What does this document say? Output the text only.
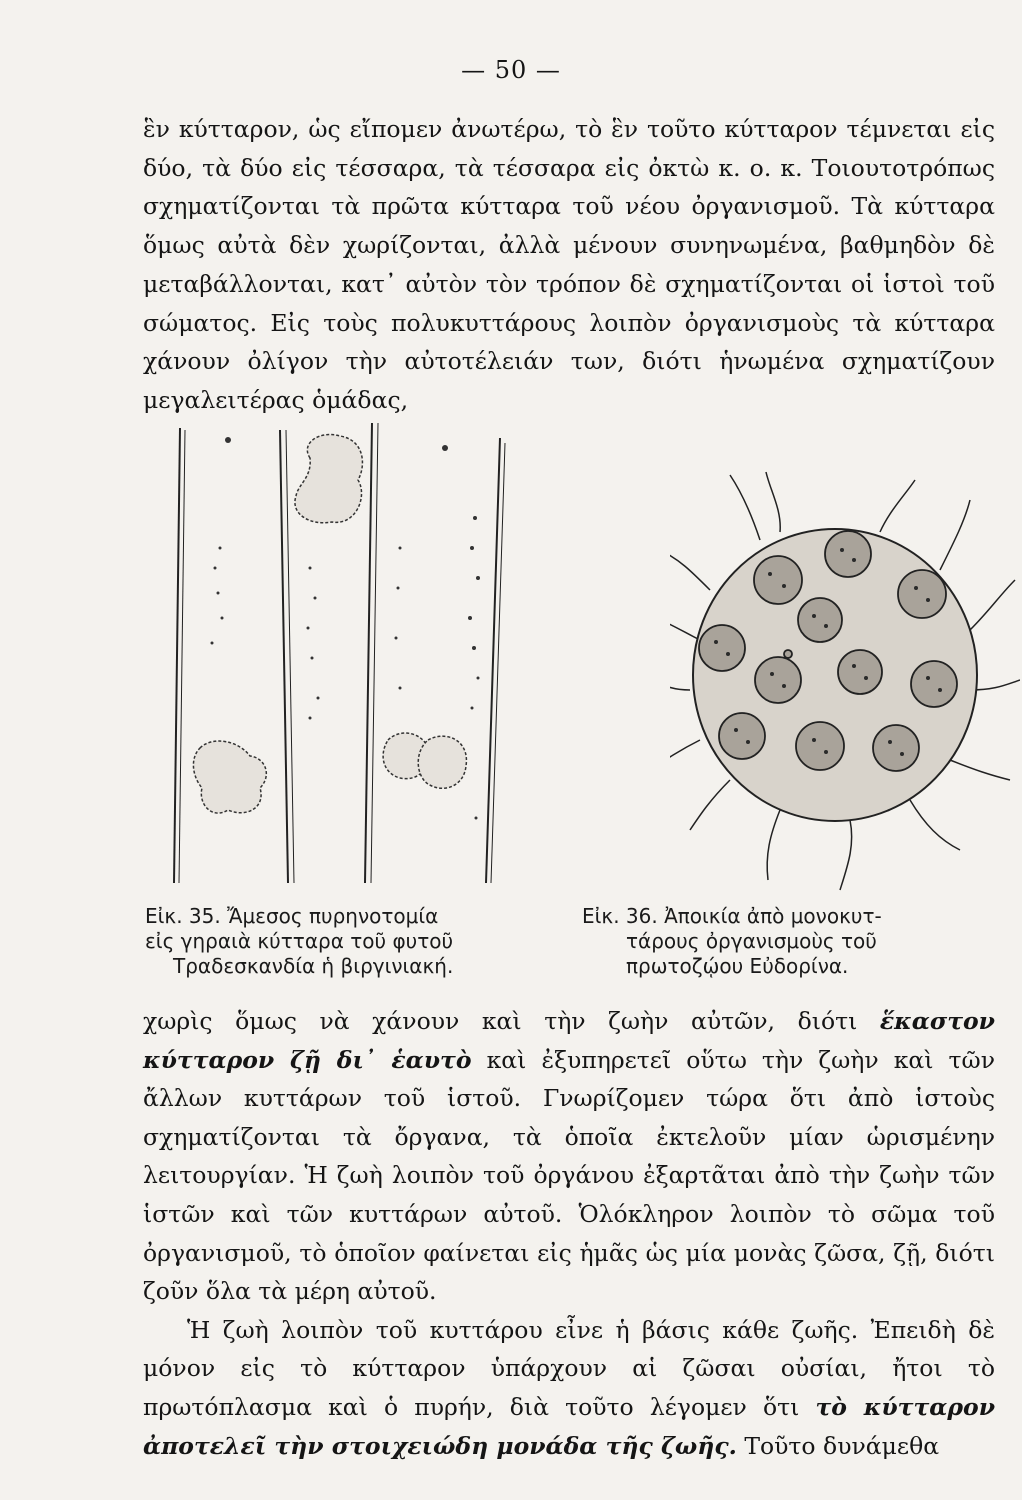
— 50 —

ἓν κύτταρον, ὡς εἴπομεν ἀνωτέρω, τὸ ἓν τοῦτο κύτταρον τέμνεται εἰς δύο, τὰ δύο εἰς τέσσαρα, τὰ τέσσαρα εἰς ὀκτὼ κ. ο. κ. Τοιουτοτρόπως σχηματίζονται τὰ πρῶτα κύτταρα τοῦ νέου ὀργανισμοῦ. Τὰ κύτταρα ὅμως αὐτὰ δὲν χωρίζονται, ἀλλὰ μένουν συνηνωμένα, βαθμηδὸν δὲ μεταβάλλονται, κατ᾽ αὐτὸν τὸν τρόπον δὲ σχηματίζονται οἱ ἱστοὶ τοῦ σώματος. Εἰς τοὺς πολυκυττάρους λοιπὸν ὀργανισμοὺς τὰ κύτταρα χάνουν ὀλίγον τὴν αὐτοτέλειάν των, διότι ἡνωμένα σχηματίζουν μεγαλειτέρας ὁμάδας,

Εἰκ. 35. Ἄμεσος πυρηνοτομία
εἰς γηραιὰ κύτταρα τοῦ φυτοῦ
Τραδεσκανδία ἡ βιργινιακή.
Εἰκ. 36. Ἀποικία ἀπὸ μονοκυτ-
τάρους ὀργανισμοὺς τοῦ
πρωτοζῴου Εὐδορίνα.

χωρὶς ὅμως νὰ χάνουν καὶ τὴν ζωὴν αὐτῶν, διότι ἕκαστον κύτταρον ζῇ δι᾽ ἑαυτὸ καὶ ἐξυπηρετεῖ οὕτω τὴν ζωὴν καὶ τῶν ἄλλων κυττάρων τοῦ ἱστοῦ. Γνωρίζομεν τώρα ὅτι ἀπὸ ἱστοὺς σχηματίζονται τὰ ὄργανα, τὰ ὁποῖα ἐκτελοῦν μίαν ὡρισμένην λειτουργίαν. Ἡ ζωὴ λοιπὸν τοῦ ὀργάνου ἐξαρτᾶται ἀπὸ τὴν ζωὴν τῶν ἱστῶν καὶ τῶν κυττάρων αὐτοῦ. Ὁλόκληρον λοιπὸν τὸ σῶμα τοῦ ὀργανισμοῦ, τὸ ὁποῖον φαίνεται εἰς ἡμᾶς ὡς μία μονὰς ζῶσα, ζῇ, διότι ζοῦν ὅλα τὰ μέρη αὐτοῦ.
Ἡ ζωὴ λοιπὸν τοῦ κυττάρου εἶνε ἡ βάσις κάθε ζωῆς. Ἐπειδὴ δὲ μόνον εἰς τὸ κύτταρον ὑπάρχουν αἱ ζῶσαι οὐσίαι, ἤτοι τὸ πρωτόπλασμα καὶ ὁ πυρήν, διὰ τοῦτο λέγομεν ὅτι τὸ κύτταρον ἀποτελεῖ τὴν στοιχειώδη μονάδα τῆς ζωῆς. Τοῦτο δυνάμεθα
